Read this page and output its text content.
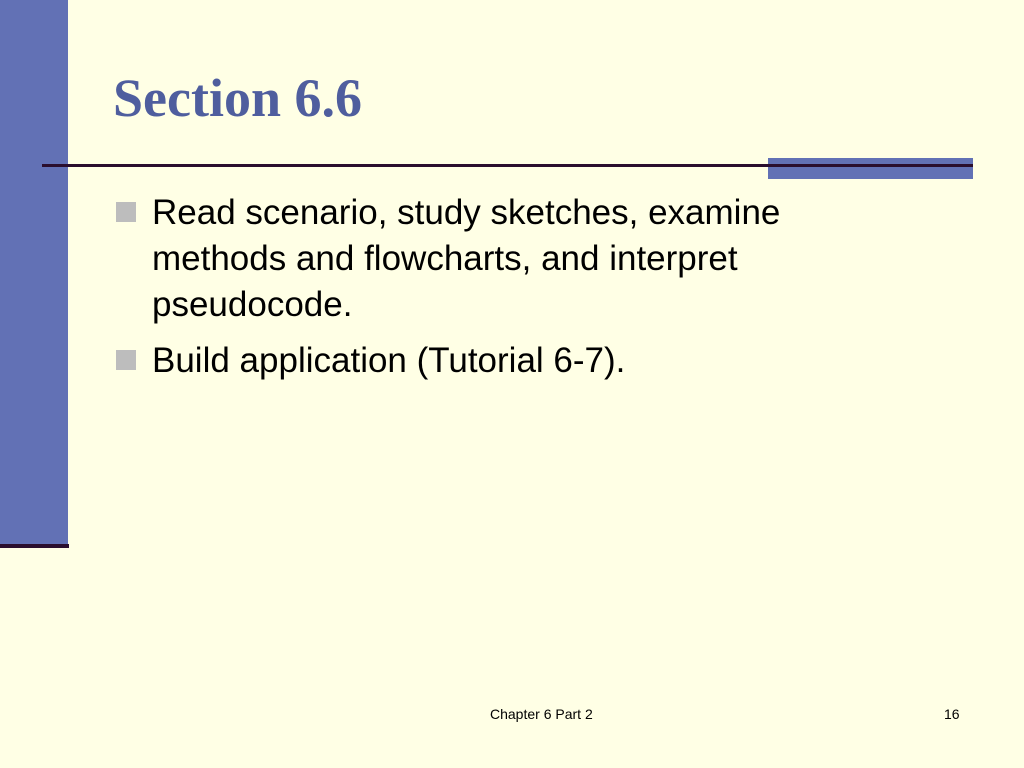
Section 6.6
Read scenario, study sketches, examine methods and flowcharts, and interpret pseudocode.
Build application (Tutorial 6-7).
Chapter 6 Part 2	16
